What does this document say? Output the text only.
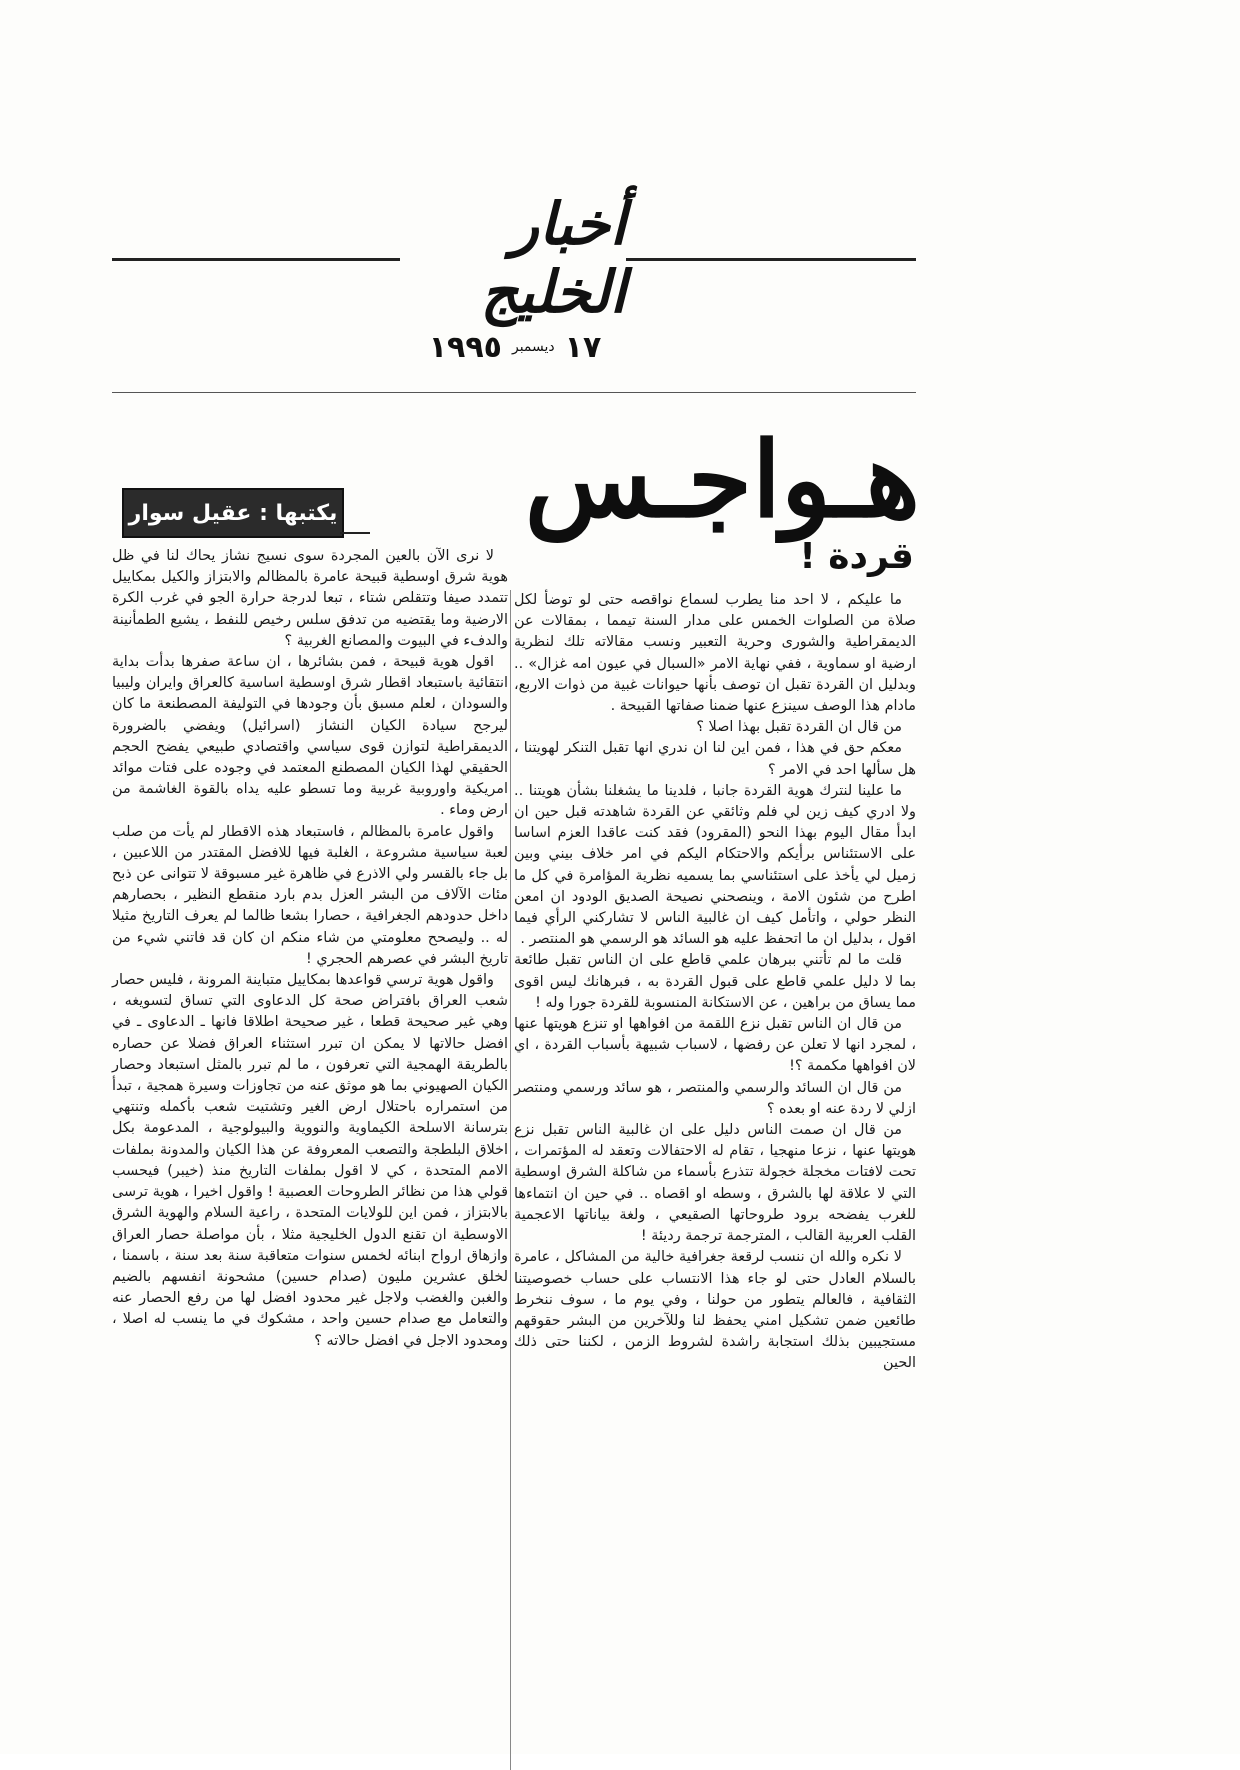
أخبار الخليج
١٧
ديسمبر
١٩٩٥
هـواجـس
يكتبها : عقيل سوار
قردة !

ما عليكم ، لا احد منا يطرب لسماع نواقصه حتى لو توضأ لكل صلاة من الصلوات الخمس على مدار السنة تيمما ، بمقالات عن الديمقراطية والشورى وحرية التعبير ونسب مقالاته تلك لنظرية ارضية او سماوية ، ففي نهاية الامر «السبال في عيون امه غزال» .. وبدليل ان القردة تقبل ان توصف بأنها حيوانات غبية من ذوات الاربع، مادام هذا الوصف سينزع عنها ضمنا صفاتها القبيحة .

من قال ان القردة تقبل بهذا اصلا ؟

معكم حق في هذا ، فمن اين لنا ان ندري انها تقبل التنكر لهويتنا ، هل سألها احد في الامر ؟

ما علينا لنترك هوية القردة جانبا ، فلدينا ما يشغلنا بشأن هويتنا .. ولا ادري كيف زين لي فلم وثائقي عن القردة شاهدته قبل حين ان ابدأ مقال اليوم بهذا النحو (المقرود) فقد كنت عاقدا العزم اساسا على الاستئناس برأيكم والاحتكام اليكم في امر خلاف بيني وبين زميل لي يأخذ على استئناسي بما يسميه نظرية المؤامرة في كل ما اطرح من شئون الامة ، وينصحني نصيحة الصديق الودود ان امعن النظر حولي ، واتأمل كيف ان غالبية الناس لا تشاركني الرأي فيما اقول ، بدليل ان ما اتحفظ عليه هو السائد هو الرسمي هو المنتصر .

قلت ما لم تأتني ببرهان علمي قاطع على ان الناس تقبل طائعة بما لا دليل علمي قاطع على قبول القردة به ، فبرهانك ليس اقوى مما يساق من براهين ، عن الاستكانة المنسوبة للقردة جورا وله !

من قال ان الناس تقبل نزع اللقمة من افواهها او تنزع هويتها عنها ، لمجرد انها لا تعلن عن رفضها ، لاسباب شبيهة بأسباب القردة ، اي لان افواهها مكممة ؟!

من قال ان السائد والرسمي والمنتصر ، هو سائد ورسمي ومنتصر ازلي لا ردة عنه او بعده ؟

من قال ان صمت الناس دليل على ان غالبية الناس تقبل نزع هويتها عنها ، نزعا منهجيا ، تقام له الاحتفالات وتعقد له المؤتمرات ، تحت لافتات مخجلة خجولة تتذرع بأسماء من شاكلة الشرق اوسطية التي لا علاقة لها بالشرق ، وسطه او اقصاه .. في حين ان انتماءها للغرب يفضحه برود طروحاتها الصقيعي ، ولغة بياناتها الاعجمية القلب العربية القالب ، المترجمة ترجمة رديئة !

لا نكره والله ان ننسب لرقعة جغرافية خالية من المشاكل ، عامرة بالسلام العادل حتى لو جاء هذا الانتساب على حساب خصوصيتنا الثقافية ، فالعالم يتطور من حولنا ، وفي يوم ما ، سوف ننخرط طائعين ضمن تشكيل امني يحفظ لنا وللآخرين من البشر حقوقهم مستجيبين بذلك استجابة راشدة لشروط الزمن ، لكننا حتى ذلك الحين

لا نرى الآن بالعين المجردة سوى نسيج نشاز يحاك لنا في ظل هوية شرق اوسطية قبيحة عامرة بالمظالم والابتزاز والكيل بمكاييل تتمدد صيفا وتتقلص شتاء ، تبعا لدرجة حرارة الجو في غرب الكرة الارضية وما يقتضيه من تدفق سلس رخيص للنفط ، يشيع الطمأنينة والدفء في البيوت والمصانع الغربية ؟

اقول هوية قبيحة ، فمن بشائرها ، ان ساعة صفرها بدأت بداية انتقائية باستبعاد اقطار شرق اوسطية اساسية كالعراق وايران وليبيا والسودان ، لعلم مسبق بأن وجودها في التوليفة المصطنعة ما كان ليرجح سيادة الكيان النشاز (اسرائيل) ويفضي بالضرورة الديمقراطية لتوازن قوى سياسي واقتصادي طبيعي يفضح الحجم الحقيقي لهذا الكيان المصطنع المعتمد في وجوده على فتات موائد امريكية واوروبية غربية وما تسطو عليه يداه بالقوة الغاشمة من ارض وماء .

واقول عامرة بالمظالم ، فاستبعاد هذه الاقطار لم يأت من صلب لعبة سياسية مشروعة ، الغلبة فيها للافضل المقتدر من اللاعبين ، بل جاء بالقسر ولي الاذرع في ظاهرة غير مسبوقة لا تتوانى عن ذبح مئات الآلاف من البشر العزل بدم بارد منقطع النظير ، بحصارهم داخل حدودهم الجغرافية ، حصارا بشعا ظالما لم يعرف التاريخ مثيلا له .. وليصحح معلومتي من شاء منكم ان كان قد فاتني شيء من تاريخ البشر في عصرهم الحجري !

واقول هوية ترسي قواعدها بمكاييل متباينة المرونة ، فليس حصار شعب العراق بافتراض صحة كل الدعاوى التي تساق لتسويغه ، وهي غير صحيحة قطعا ، غير صحيحة اطلاقا فانها ـ الدعاوى ـ في افضل حالاتها لا يمكن ان تبرر استثناء العراق فضلا عن حصاره بالطريقة الهمجية التي تعرفون ، ما لم تبرر بالمثل استبعاد وحصار الكيان الصهيوني بما هو موثق عنه من تجاوزات وسيرة همجية ، تبدأ من استمراره باحتلال ارض الغير وتشتيت شعب بأكمله وتنتهي بترسانة الاسلحة الكيماوية والنووية والبيولوجية ، المدعومة بكل اخلاق البلطجة والتصعب المعروفة عن هذا الكيان والمدونة بملفات الامم المتحدة ، كي لا اقول بملفات التاريخ منذ (خيبر) فيحسب قولي هذا من نظائر الطروحات العصبية ! واقول اخيرا ، هوية ترسى بالابتزاز ، فمن اين للولايات المتحدة ، راعية السلام والهوية الشرق الاوسطية ان تقنع الدول الخليجية مثلا ، بأن مواصلة حصار العراق وازهاق ارواح ابنائه لخمس سنوات متعاقبة سنة بعد سنة ، باسمنا ، لخلق عشرين مليون (صدام حسين) مشحونة انفسهم بالضيم والغبن والغضب ولاجل غير محدود افضل لها من رفع الحصار عنه والتعامل مع صدام حسين واحد ، مشكوك في ما ينسب له اصلا ، ومحدود الاجل في افضل حالاته ؟
